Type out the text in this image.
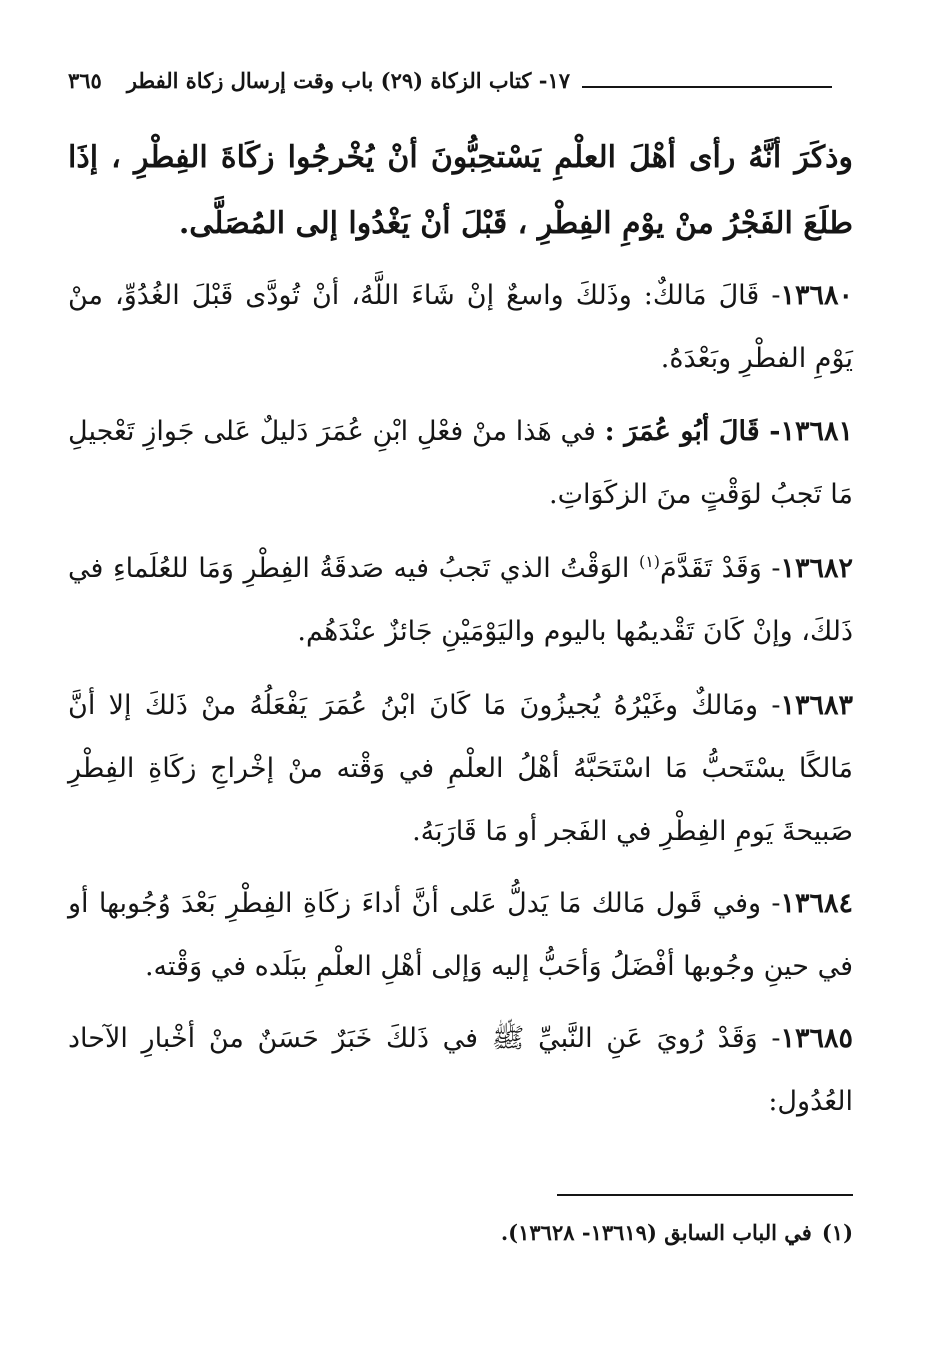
١٧- كتاب الزكاة (٢٩) باب وقت إرسال زكاة الفطر
٣٦٥
وذكَرَ أنَّهُ رأى أهْلَ العلْمِ يَسْتحِبُّونَ أنْ يُخْرجُوا زكَاةَ الفِطْرِ ، إذَا طلَعَ الفَجْرُ منْ يوْمِ الفِطْرِ ، قَبْلَ أنْ يَغْدُوا إلى المُصَلَّى.
١٣٦٨٠- قَالَ مَالكٌ: وذَلكَ واسعٌ إنْ شَاءَ اللَّهُ، أنْ تُودَّى قَبْلَ الغُدُوِّ، منْ يَوْمِ الفطْرِ وبَعْدَهُ.
١٣٦٨١- قَالَ أبُو عُمَرَ : في هَذا منْ فعْلِ ابْنِ عُمَرَ دَليلٌ عَلى جَوازِ تَعْجيلِ مَا تَجبُ لوَقْتٍ منَ الزكَوَاتِ.
١٣٦٨٢- وَقَدْ تَقَدَّمَ$^{(١)}$ الوَقْتُ الذي تَجبُ فيه صَدقَةُ الفِطْرِ وَمَا للعُلَماءِ في ذَلكَ، وإنْ كَانَ تَقْديمُها باليوم واليَوْمَيْنِ جَائزٌ عنْدَهُم.
١٣٦٨٣- ومَالكٌ وغَيْرُهُ يُجيزُونَ مَا كَانَ ابْنُ عُمَرَ يَفْعَلُهُ منْ ذَلكَ إلا أنَّ مَالكًا يسْتَحبُّ مَا اسْتَحَبَّهُ أهْلُ العلْمِ في وَقْته منْ إخْراجِ زكَاةِ الفِطْرِ صَبيحةَ يَومِ الفِطْرِ في الفَجر أو مَا قَارَبَهُ.
١٣٦٨٤- وفي قَول مَالك مَا يَدلُّ عَلى أنَّ أداءَ زكَاةِ الفِطْرِ بَعْدَ وُجُوبها أو في حينِ وجُوبها أفْضَلُ وَأحَبُّ إليه وَإلى أهْلِ العلْمِ ببَلَده في وَقْته.
١٣٦٨٥- وَقَدْ رُويَ عَنِ النَّبيِّ ﷺ في ذَلكَ خَبَرٌ حَسَنٌ منْ أخْبارِ الآحاد العُدُول:
(١)في الباب السابق (١٣٦١٩- ١٣٦٢٨).
